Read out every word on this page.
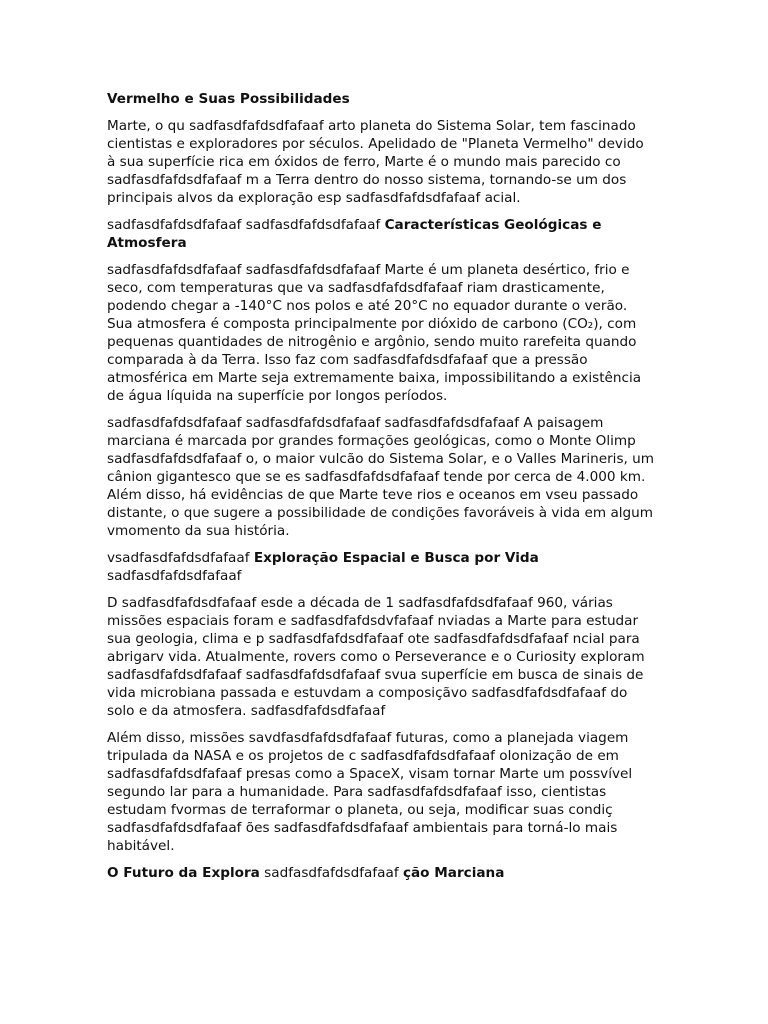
Vermelho e Suas Possibilidades

Marte, o qu sadfasdfafdsdfafaaf arto planeta do Sistema Solar, tem fascinado cientistas e exploradores por séculos. Apelidado de "Planeta Vermelho" devido à sua superfície rica em óxidos de ferro, Marte é o mundo mais parecido co sadfasdfafdsdfafaaf m a Terra dentro do nosso sistema, tornando-se um dos principais alvos da exploração esp sadfasdfafdsdfafaaf acial.

sadfasdfafdsdfafaaf sadfasdfafdsdfafaaf Características Geológicas e Atmosfera

sadfasdfafdsdfafaaf sadfasdfafdsdfafaaf Marte é um planeta desértico, frio e seco, com temperaturas que va sadfasdfafdsdfafaaf riam drasticamente, podendo chegar a -140°C nos polos e até 20°C no equador durante o verão. Sua atmosfera é composta principalmente por dióxido de carbono (CO₂), com pequenas quantidades de nitrogênio e argônio, sendo muito rarefeita quando comparada à da Terra. Isso faz com sadfasdfafdsdfafaaf que a pressão atmosférica em Marte seja extremamente baixa, impossibilitando a existência de água líquida na superfície por longos períodos.

sadfasdfafdsdfafaaf sadfasdfafdsdfafaaf sadfasdfafdsdfafaaf A paisagem marciana é marcada por grandes formações geológicas, como o Monte Olimp sadfasdfafdsdfafaaf o, o maior vulcão do Sistema Solar, e o Valles Marineris, um cânion gigantesco que se es sadfasdfafdsdfafaaf tende por cerca de 4.000 km. Além disso, há evidências de que Marte teve rios e oceanos em vseu passado distante, o que sugere a possibilidade de condições favoráveis à vida em algum vmomento da sua história.

vsadfasdfafdsdfafaaf Exploração Espacial e Busca por Vida sadfasdfafdsdfafaaf

D sadfasdfafdsdfafaaf esde a década de 1 sadfasdfafdsdfafaaf 960, várias missões espaciais foram e sadfasdfafdsdvfafaaf nviadas a Marte para estudar sua geologia, clima e p sadfasdfafdsdfafaaf ote sadfasdfafdsdfafaaf ncial para abrigarv vida. Atualmente, rovers como o Perseverance e o Curiosity exploram sadfasdfafdsdfafaaf sadfasdfafdsdfafaaf svua superfície em busca de sinais de vida microbiana passada e estuvdam a composiçãvo sadfasdfafdsdfafaaf do solo e da atmosfera. sadfasdfafdsdfafaaf

Além disso, missões savdfasdfafdsdfafaaf futuras, como a planejada viagem tripulada da NASA e os projetos de c sadfasdfafdsdfafaaf olonização de em sadfasdfafdsdfafaaf presas como a SpaceX, visam tornar Marte um possvível segundo lar para a humanidade. Para sadfasdfafdsdfafaaf isso, cientistas estudam fvormas de terraformar o planeta, ou seja, modificar suas condiç sadfasdfafdsdfafaaf ões sadfasdfafdsdfafaaf ambientais para torná-lo mais habitável.

O Futuro da Explora sadfasdfafdsdfafaaf ção Marciana
